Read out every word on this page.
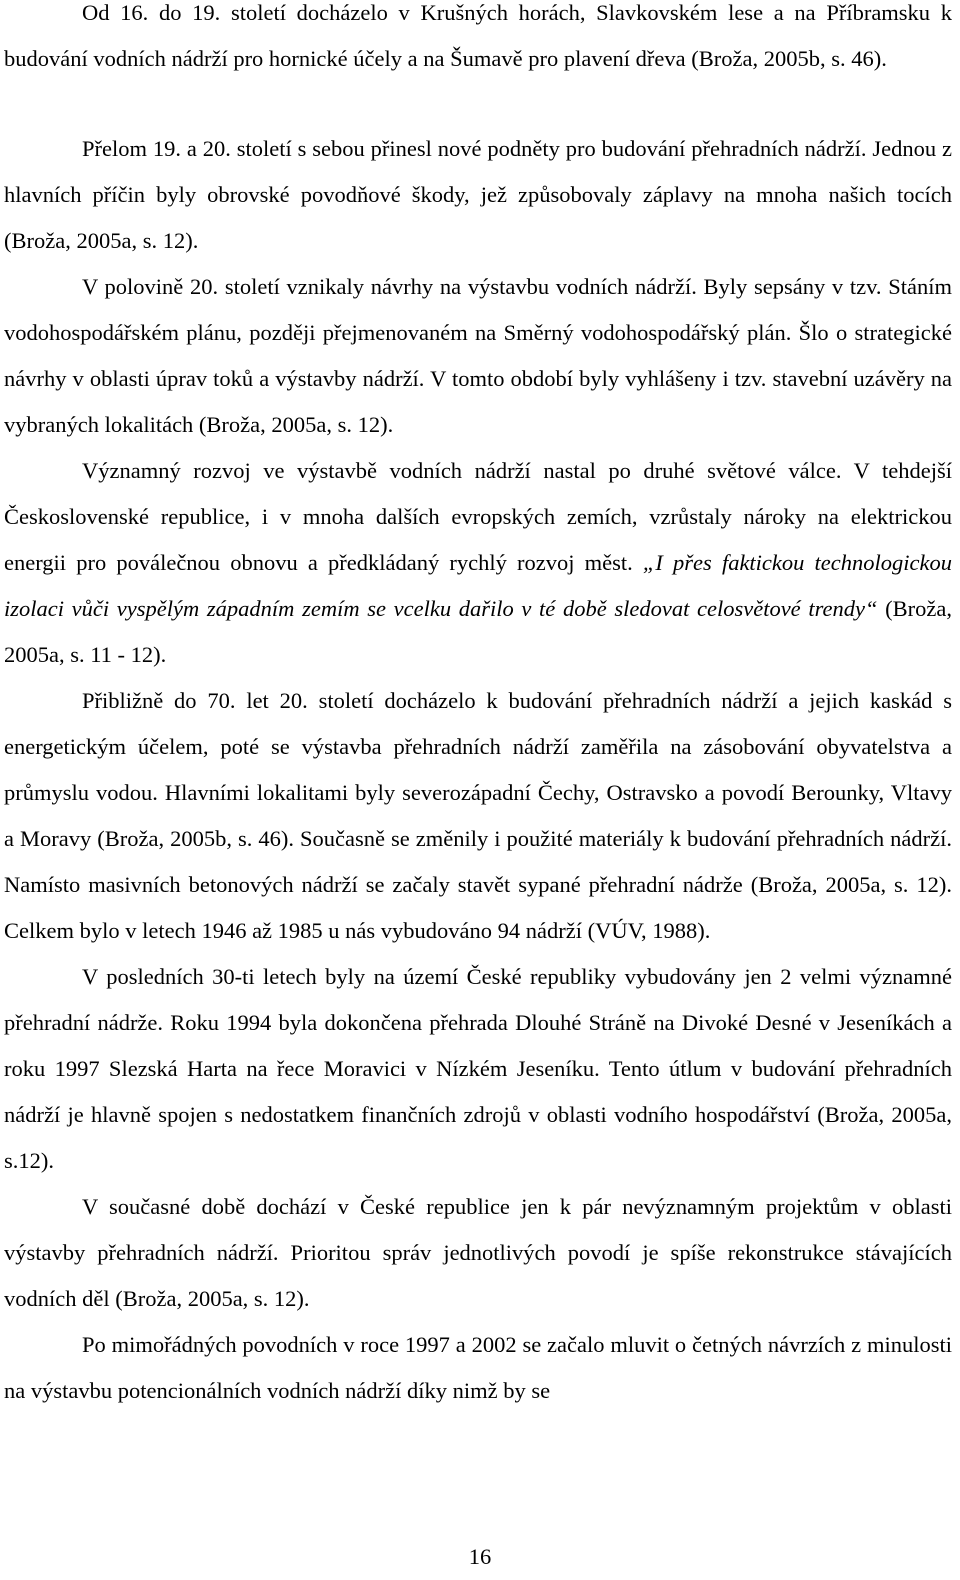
Od 16. do 19. století docházelo v Krušných horách, Slavkovském lese a na Příbramsku k budování vodních nádrží pro hornické účely a na Šumavě pro plavení dřeva (Brožа, 2005b, s. 46).

Přelom 19. a 20. století s sebou přinesl nové podněty pro budování přehradních nádrží. Jednou z hlavních příčin byly obrovské povodňové škody, jež způsobovaly záplavy na mnoha našich tocích (Broža, 2005a, s. 12).

V polovině 20. století vznikaly návrhy na výstavbu vodních nádrží. Byly sepsány v tzv. Stáním vodohospodářském plánu, později přejmenovaném na Směrný vodohospodářský plán. Šlo o strategické návrhy v oblasti úprav toků a výstavby nádrží. V tomto období byly vyhlášeny i tzv. stavební uzávěry na vybraných lokalitách (Broža, 2005a, s. 12).

Významný rozvoj ve výstavbě vodních nádrží nastal po druhé světové válce. V tehdejší Československé republice, i v mnoha dalších evropských zemích, vzrůstaly nároky na elektrickou energii pro poválečnou obnovu a předkládaný rychlý rozvoj měst. „I přes faktickou technologickou izolaci vůči vyspělým západním zemím se vcelku dařilo v té době sledovat celosvětové trendy“ (Broža, 2005a, s. 11 - 12).

Přibližně do 70. let 20. století docházelo k budování přehradních nádrží a jejich kaskád s energetickým účelem, poté se výstavba přehradních nádrží zaměřila na zásobování obyvatelstva a průmyslu vodou. Hlavními lokalitami byly severozápadní Čechy, Ostravsko a povodí Berounky, Vltavy a Moravy (Broža, 2005b, s. 46). Současně se změnily i použité materiály k budování přehradních nádrží. Namísto masivních betonových nádrží se začaly stavět sypané přehradní nádrže (Broža, 2005a, s. 12). Celkem bylo v letech 1946 až 1985 u nás vybudováno 94 nádrží (VÚV, 1988).

V posledních 30-ti letech byly na území České republiky vybudovány jen 2 velmi významné přehradní nádrže. Roku 1994 byla dokončena přehrada Dlouhé Stráně na Divoké Desné v Jeseníkách a roku 1997 Slezská Harta na řece Moravici v Nízkém Jeseníku. Tento útlum v budování přehradních nádrží je hlavně spojen s nedostatkem finančních zdrojů v oblasti vodního hospodářství (Broža, 2005a, s.12).

V současné době dochází v České republice jen k pár nevýznamným projektům v oblasti výstavby přehradních nádrží. Prioritou správ jednotlivých povodí je spíše rekonstrukce stávajících vodních děl (Broža, 2005a, s. 12).

Po mimořádných povodních v roce 1997 a 2002 se začalo mluvit o četných návrzích z minulosti na výstavbu potencionálních vodních nádrží díky nimž by se

16
